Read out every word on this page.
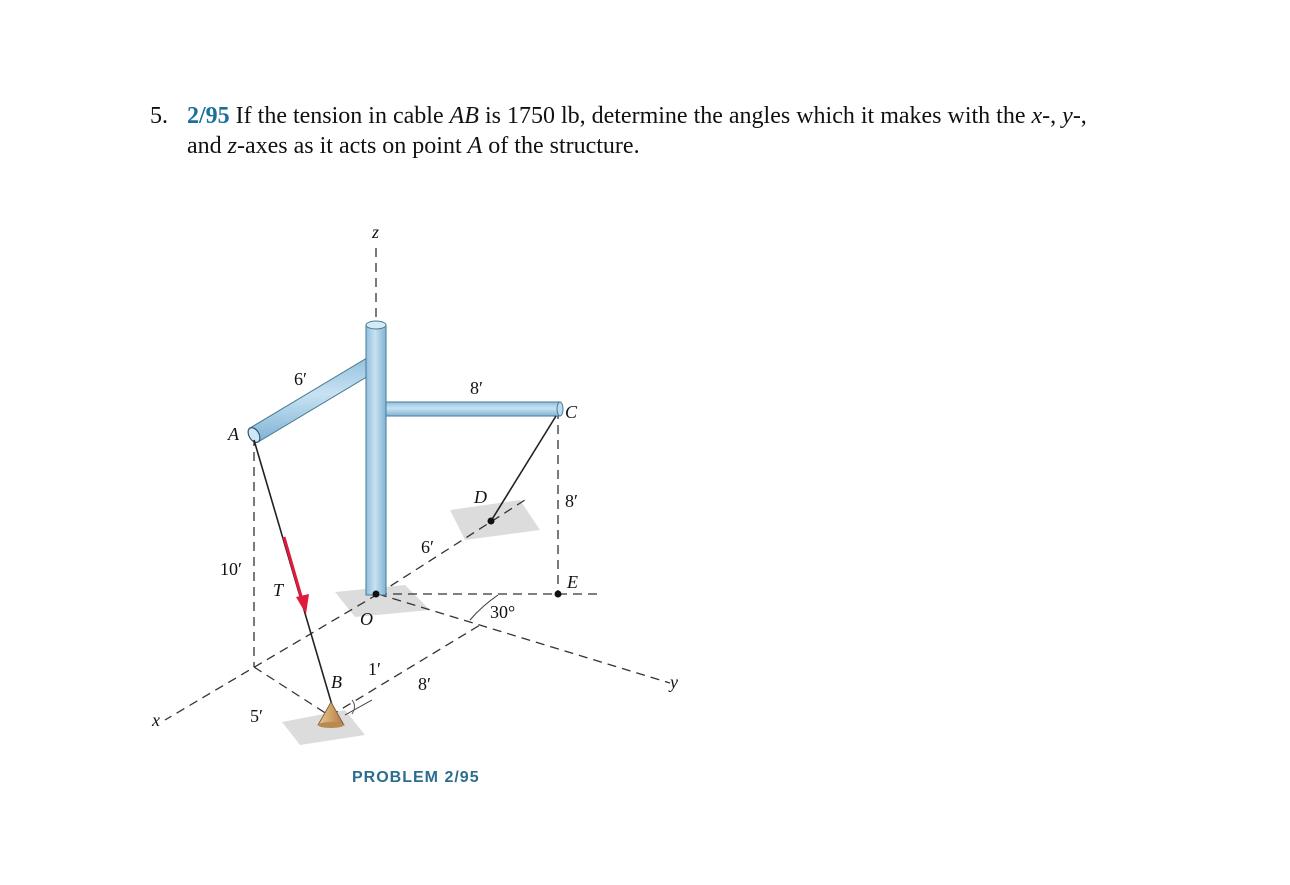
5. 2/95 If the tension in cable AB is 1750 lb, determine the angles which it makes with the x-, y-,
and z-axes as it acts on point A of the structure.
z
x
y
A
B
C
D
E
O
T
6′	8′
10′
8′
6′
30°
1′
8′
5′
PROBLEM 2/95
